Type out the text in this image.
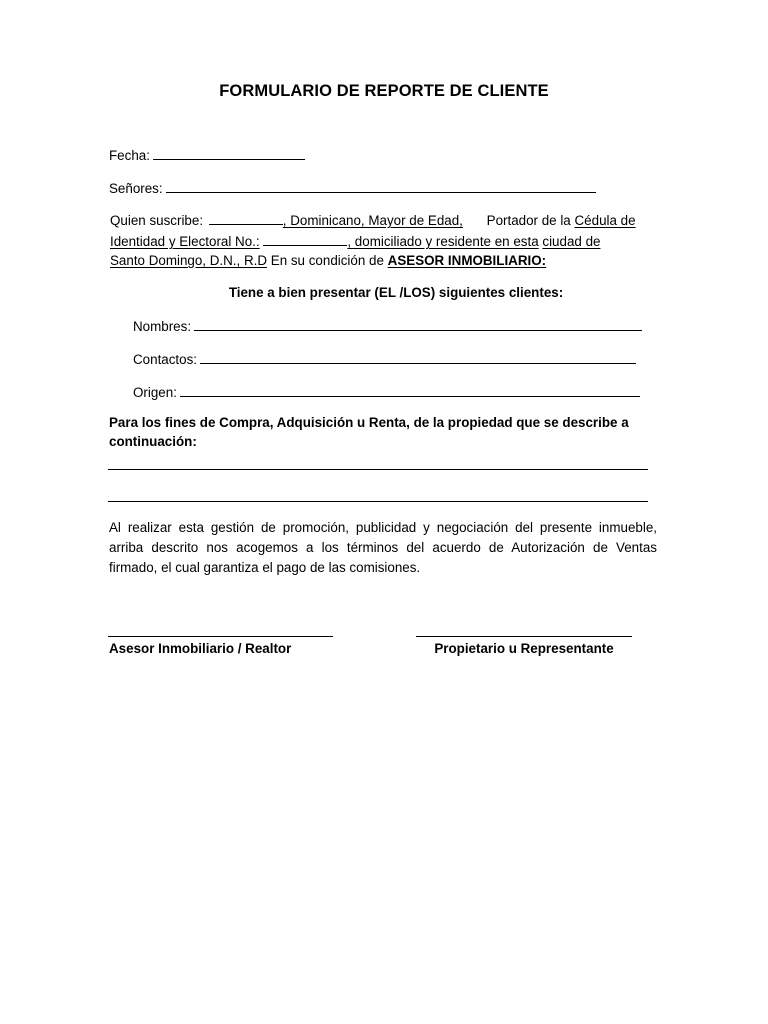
FORMULARIO DE REPORTE DE CLIENTE
Fecha:
Señores:
Quien suscribe:	, Dominicano, Mayor de Edad, Portador de la Cédula de
Identidad y Electoral No.:	, domiciliado y residente en esta ciudad de
Santo Domingo, D.N., R.D En su condición de ASESOR INMOBILIARIO:
Tiene a bien presentar (EL /LOS) siguientes clientes:
Nombres:
Contactos:
Origen:
Para los fines de Compra, Adquisición u Renta, de la propiedad que se describe a
continuación:
Al realizar esta gestión de promoción, publicidad y negociación del presente inmueble,
arriba descrito nos acogemos a los términos del acuerdo de Autorización de Ventas
firmado, el cual garantiza el pago de las comisiones.
Asesor Inmobiliario / Realtor	Propietario u Representante
